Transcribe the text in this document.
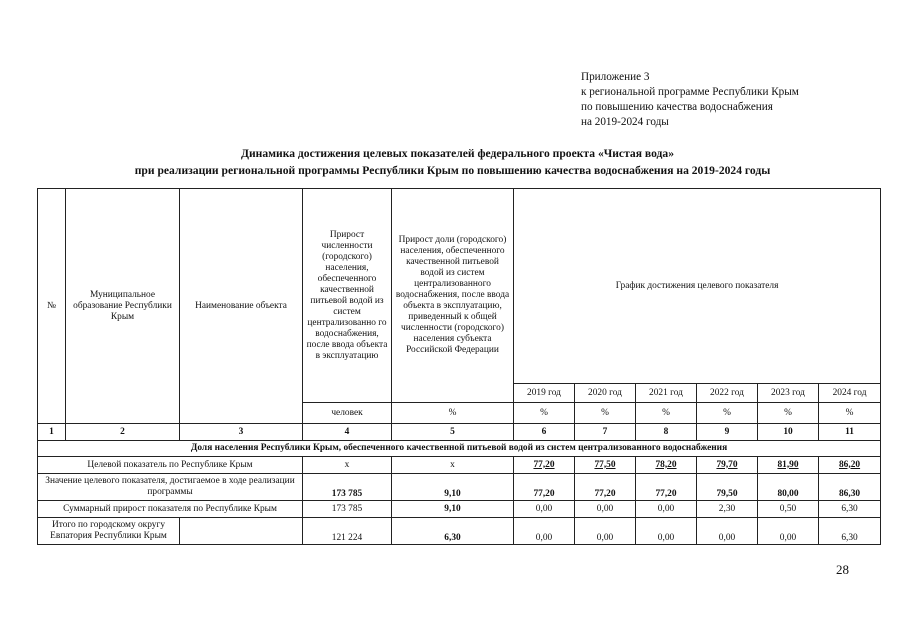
Приложение 3
к региональной программе Республики Крым
по повышению качества водоснабжения
на 2019-2024 годы
Динамика достижения целевых показателей федерального проекта «Чистая вода»
при реализации региональной программы Республики Крым по повышению качества водоснабжения на 2019-2024 годы
№	Муниципальное образование Республики Крым	Наименование объекта	Прирост численности (городского) населения, обеспеченного качественной питьевой водой из систем централизованно го водоснабжения, после ввода объекта в эксплуатацию	Прирост доли (городского) населения, обеспеченного качественной питьевой водой из систем централизованного водоснабжения, после ввода объекта в эксплуатацию, приведенный к общей численности (городского) населения субъекта Российской Федерации	График достижения целевого показателя					
					2019 год	2020 год	2021 год	2022 год	2023 год	2024 год
			человек	%	%	%	%	%	%	%
1	2	3	4	5	6	7	8	9	10	11
Доля населения Республики Крым, обеспеченного качественной питьевой водой из систем централизованного водоснабжения										
Целевой показатель по Республике Крым			x	x	77,20	77,50	78,20	79,70	81,90	86,20
Значение целевого показателя, достигаемое в ходе реализации программы			173 785	9,10	77,20	77,20	77,20	79,50	80,00	86,30
Суммарный прирост показателя по Республике Крым			173 785	9,10	0,00	0,00	0,00	2,30	0,50	6,30
Итого по городскому округу Евпатория Республики Крым			121 224	6,30	0,00	0,00	0,00	0,00	0,00	6,30
28
